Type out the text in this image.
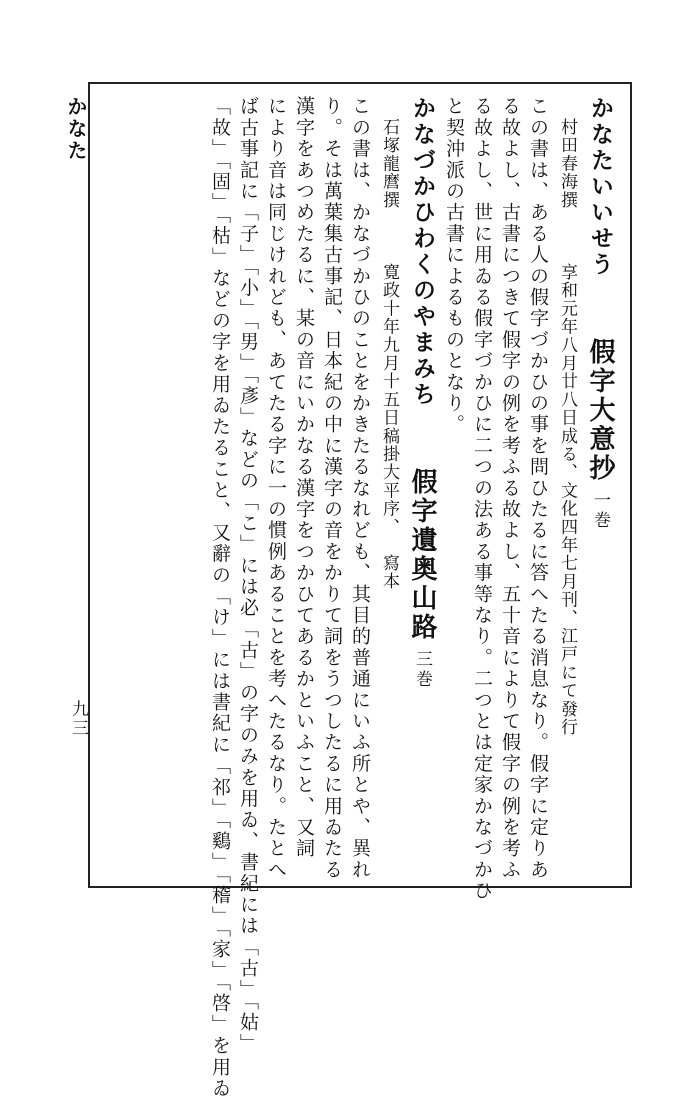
かなた
九三
かなたいいせう假字大意抄一巻
村田春海撰享和元年八月廿八日成る、文化四年七月刊、江戸にて發行
この書は、ある人の假字づかひの事を問ひたるに答へたる消息なり。假字に定りあ
る故よし、古書につきて假字の例を考ふる故よし、五十音によりて假字の例を考ふ
る故よし、世に用ゐる假字づかひに二つの法ある事等なり。二つとは定家かなづかひ
と契沖派の古書によるものとなり。
かなづかひわくのやまみち假字遺奥山路三巻
石塚龍麿撰寛政十年九月十五日稿掛大平序、寫本
この書は、かなづかひのことをかきたるなれども、其目的普通にいふ所とや、異れ
り。そは萬葉集古事記、日本紀の中に漢字の音をかりて詞をうつしたるに用ゐたる
漢字をあつめたるに、某の音にいかなる漢字をつかひてあるかといふこと、又詞
により音は同じけれども、あてたる字に一の慣例あることを考へたるなり。たとへ
ば古事記に「子」「小」「男」「彥」などの「こ」には必「古」の字のみを用ゐ、書紀には「古」「姑」
「故」「固」「枯」などの字を用ゐたること、又辭の「け」には書紀に「祁」「鷄」「稽」「家」「啓」を用ゐ
